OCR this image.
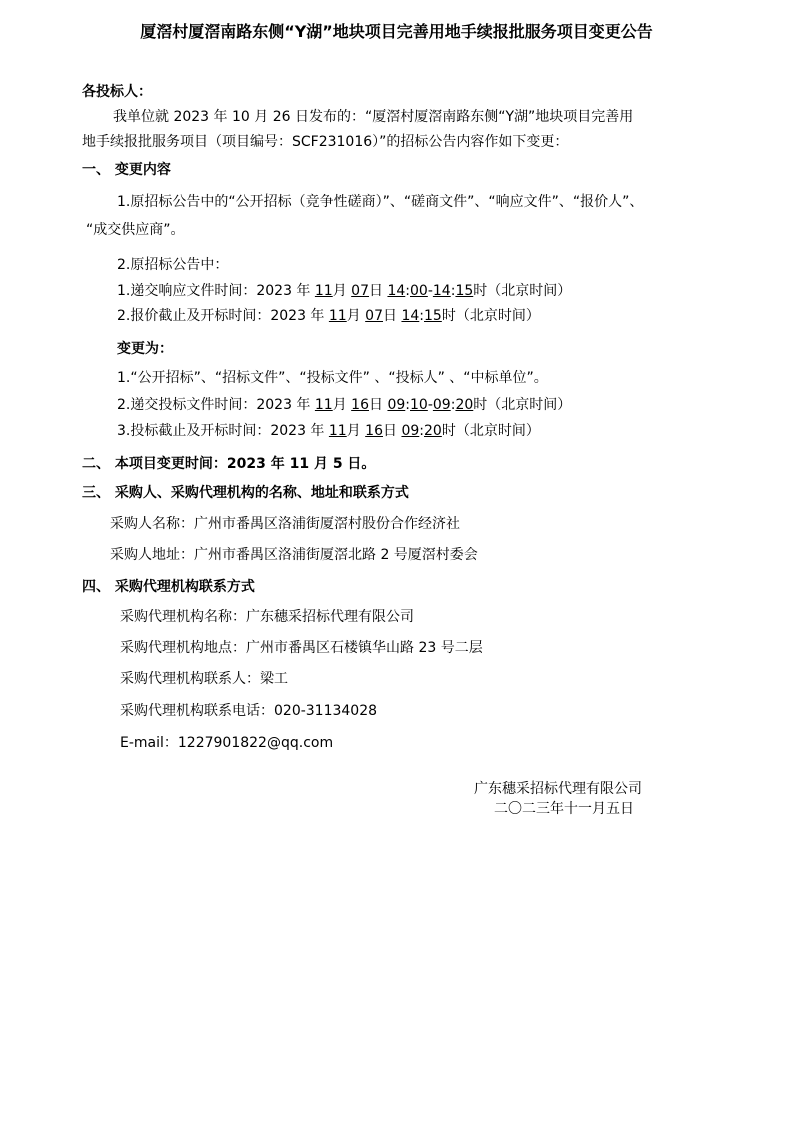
厦滘村厦滘南路东侧“Y湖”地块项目完善用地手续报批服务项目变更公告
各投标人：
我单位就 2023 年 10 月 26 日发布的：“厦滘村厦滘南路东侧“Y湖”地块项目完善用
地手续报批服务项目（项目编号：SCF231016）”的招标公告内容作如下变更：
一、 变更内容
1.原招标公告中的“公开招标（竞争性磋商）”、“磋商文件”、“响应文件”、“报价人”、
“成交供应商”。
2.原招标公告中：
1.递交响应文件时间：2023 年 11月 07日 14:00-14:15时（北京时间）
2.报价截止及开标时间：2023 年 11月 07日 14:15时（北京时间）
变更为：
1.“公开招标”、“招标文件”、“投标文件” 、“投标人” 、“中标单位”。
2.递交投标文件时间：2023 年 11月 16日 09:10-09:20时（北京时间）
3.投标截止及开标时间：2023 年 11月 16日 09:20时（北京时间）
二、 本项目变更时间：2023 年 11 月 5 日。
三、 采购人、采购代理机构的名称、地址和联系方式
采购人名称：广州市番禺区洛浦街厦滘村股份合作经济社
采购人地址：广州市番禺区洛浦街厦滘北路 2 号厦滘村委会
四、 采购代理机构联系方式
采购代理机构名称：广东穗采招标代理有限公司
采购代理机构地点：广州市番禺区石楼镇华山路 23 号二层
采购代理机构联系人：梁工
采购代理机构联系电话：020-31134028
E-mail：1227901822@qq.com
广东穗采招标代理有限公司
二〇二三年十一月五日
